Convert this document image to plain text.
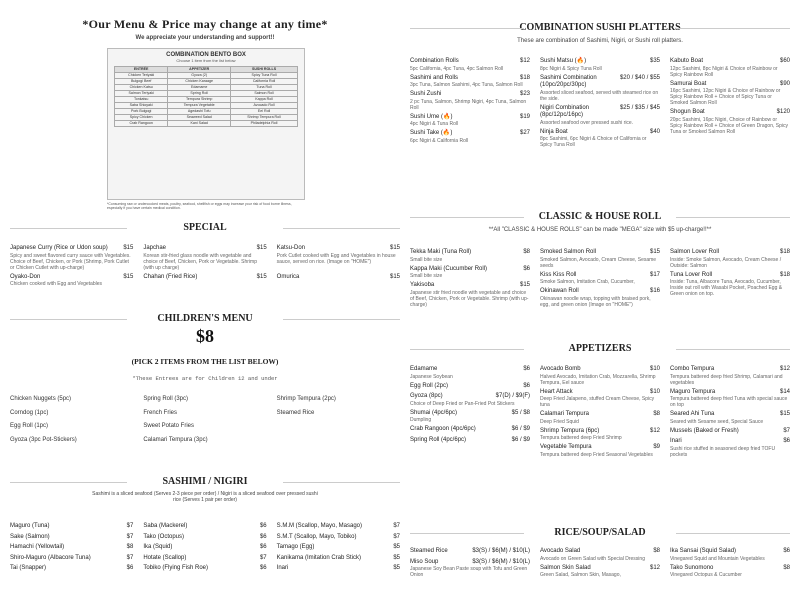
*Our Menu & Price may change at any time*
We appreciate your understanding and support!!
COMBINATION BENTO BOX
Choose 1 item from the list below
ENTRÉE	APPETIZER	SUSHI ROLLS
Chicken Teriyaki	Gyoza (2)	Spicy Tuna Roll
Bulgogi Beef	Chicken Karaage	California Roll
Chicken Katsu	Edamame	Tuna Roll
Salmon Teriyaki	Spring Roll	Salmon Roll
Tonkatsu	Tempura Shrimp	Kappa Roll
Saba Shioyaki	Tempura Vegetable	Avocado Roll
Pork Bulgogi	Agedashi Tofu	Eel Roll
Spicy Chicken	Seaweed Salad	Shrimp Tempura Roll
Crab Rangoon	Kani Salad	Philadelphia Roll
*Consuming raw or undercooked meats, poultry, seafood, shellfish or eggs may increase your risk of food borne illness, especially if you have certain medical condition.
SPECIAL
Japanese Curry (Rice or Udon soup)	$15
Spicy and sweet flavored curry sauce with Vegetables. Choice of Beef, Chicken, or Pork (Shrimp, Pork Cutlet or Chicken Cutlet with up-charge)
Japchae	$15
Korean stir-fried glass noodle with vegetable and choice of Beef, Chicken, Pork or Vegetable. Shrimp (with up charge)
Katsu-Don	$15
Pork Cutlet cooked with Egg and Vegetables in house sauce, served on rice. (Image on "HOME")
Oyako-Don	$15
Chicken cooked with Egg and Vegetables
Chahan (Fried Rice)	$15 Omurica	$15
CHILDREN'S MENU
$8
(PICK 2 ITEMS FROM THE LIST BELOW)
*These Entrees are for Children 12 and under
Chicken Nuggets (5pc)
Corndog (1pc)
Egg Roll (1pc)
Gyoza (3pc Pot-Stickers)
Spring Roll (3pc)
French Fries
Sweet Potato Fries
Calamari Tempura (3pc)
Shrimp Tempura (2pc)
Steamed Rice
SASHIMI / NIGIRI
Sashimi is a sliced seafood (Serves 2-3 piece per order) / Nigiri is a sliced seafood over pressed sushi rice (Serves 1 pair per order)
Maguro (Tuna)	$7
Sake (Salmon)	$7
Hamachi (Yellowtail)	$8
Shiro-Maguro (Albacore Tuna)	$7
Tai (Snapper)	$6
Saba (Mackerel)	$6
Tako (Octopus)	$6
Ika (Squid)	$6
Hotate (Scallop)	$7
Tobiko (Flying Fish Roe)	$6
S.M.M (Scallop, Mayo, Masago)	$7
S.M.T (Scallop, Mayo, Tobiko)	$7
Tamago (Egg)	$5
Kanikama (Imitation Crab Stick)	$5
Inari	$5
COMBINATION SUSHI PLATTERS
These are combination of Sashimi, Nigiri, or Sushi roll platters.
Combination Rolls	$12
5pc California, 4pc Tuna, 4pc Salmon Roll
Sashimi and Rolls	$18
3pc Tuna, Salmon Sashimi, 4pc Tuna, Salmon Roll
Sushi Zushi	$23
2 pc Tuna, Salmon, Shrimp Nigiri, 4pc Tuna, Salmon Roll
Sushi Ume (🔥)	$19
4pc Nigiri & Tuna Roll
Sushi Take (🔥)	$27
6pc Nigiri & California Roll
Sushi Matsu (🔥)	$35
8pc Nigiri & Spicy Tuna Roll
Sashimi Combination (10pc/20pc/30pc)
$20 / $40 / $55
Assorted sliced seafood, served with steamed rice on the side.
Nigiri Combination (8pc/12pc/16pc)
$25 / $35 / $45
Assorted seafood over pressed sushi rice.
Ninja Boat	$40
8pc Sashimi, 6pc Nigiri & Choice of California or Spicy Tuna Roll
Kabuto Boat	$60
12pc Sashimi, 8pc Nigiri & Choice of Rainbow or Spicy Rainbow Roll
Samurai Boat	$90
16pc Sashimi, 12pc Nigiri & Choice of Rainbow or Spicy Rainbow Roll + Choice of Spicy Tuna or Smoked Salmon Roll
Shogun Boat	$120
20pc Sashimi, 16pc Nigiri, Choice of Rainbow or Spicy Rainbow Roll + Choice of Green Dragon, Spicy Tuna or Smoked Salmon Roll
CLASSIC & HOUSE ROLL
**All "CLASSIC & HOUSE ROLLS" can be made "MEGA" size with $5 up-charge!!**
Tekka Maki (Tuna Roll)	$8
Small bite size
Kappa Maki (Cucumber Roll)	$6
Small bite size
Yakisoba	$15
Japanese stir fried noodle with vegetable and choice of Beef, Chicken, Pork or Vegetable. Shrimp (with up-charge)
Smoked Salmon Roll	$15
Smoked Salmon, Avocado, Cream Cheese, Sesame seeds
Kiss Kiss Roll	$17
Smoke Salmon, Imitation Crab, Cucumber,
Okinawan Roll	$16
Okinawan noodle wrap, topping with braised pork, egg, and green onion (Image on "HOME")
Salmon Lover Roll	$18
Inside: Smoke Salmon, Avocado, Cream Cheese / Outside: Salmon
Tuna Lover Roll	$18
Inside: Tuna, Albacore Tuna, Avocado, Cucumber, Inside out roll with Wasabi Pocket, Poached Egg & Green onion on top.
APPETIZERS
Edamame	$6
Japanese Soybean
Egg Roll (2pc)	$6
Gyoza (8pc)	$7(D) / $9(F)
Choice of Deep Fried or Pan-Fried Pot Stickers
Shumai (4pc/6pc)	$5 / $8
Dumpling
Crab Rangoon (4pc/6pc)	$6 / $9
Spring Roll (4pc/6pc)	$6 / $9
Avocado Bomb	$10
Halved Avocado, Imitation Crab, Mozzarella, Shrimp Tempura, Eel sauce
Heart Attack	$10
Deep Fried Jalapeno, stuffed Cream Cheese, Spicy tuna
Calamari Tempura	$8
Deep Fried Squid
Shrimp Tempura (6pc)	$12
Tempura battered deep Fried Shrimp
Vegetable Tempura	$9
Tempura battered deep Fried Seasonal Vegetables
Combo Tempura	$12
Tempura battered deep fried Shrimp, Calamari and vegetables
Maguro Tempura	$14
Tempura battered deep fried Tuna with special sauce on top
Seared Ahi Tuna	$15
Seared with Sesame seed, Special Sauce
Mussels (Baked or Fresh)	$7
Inari	$6
Sushi rice stuffed in seasoned deep fried TOFU pockets
RICE/SOUP/SALAD
Steamed Rice	$3(S) / $6(M) / $10(L)
Miso Soup	$3(S) / $6(M) / $10(L)
Japanese Soy Bean Paste soup with Tofu and Green Onion
Avocado Salad	$8
Avocado on Green Salad with Special Dressing
Salmon Skin Salad	$12
Green Salad, Salmon Skin, Masago,
Ika Sansai (Squid Salad)	$6
Vinegared Squid and Mountain Vegetables
Tako Sunomono	$8
Vinegared Octopus & Cucumber
